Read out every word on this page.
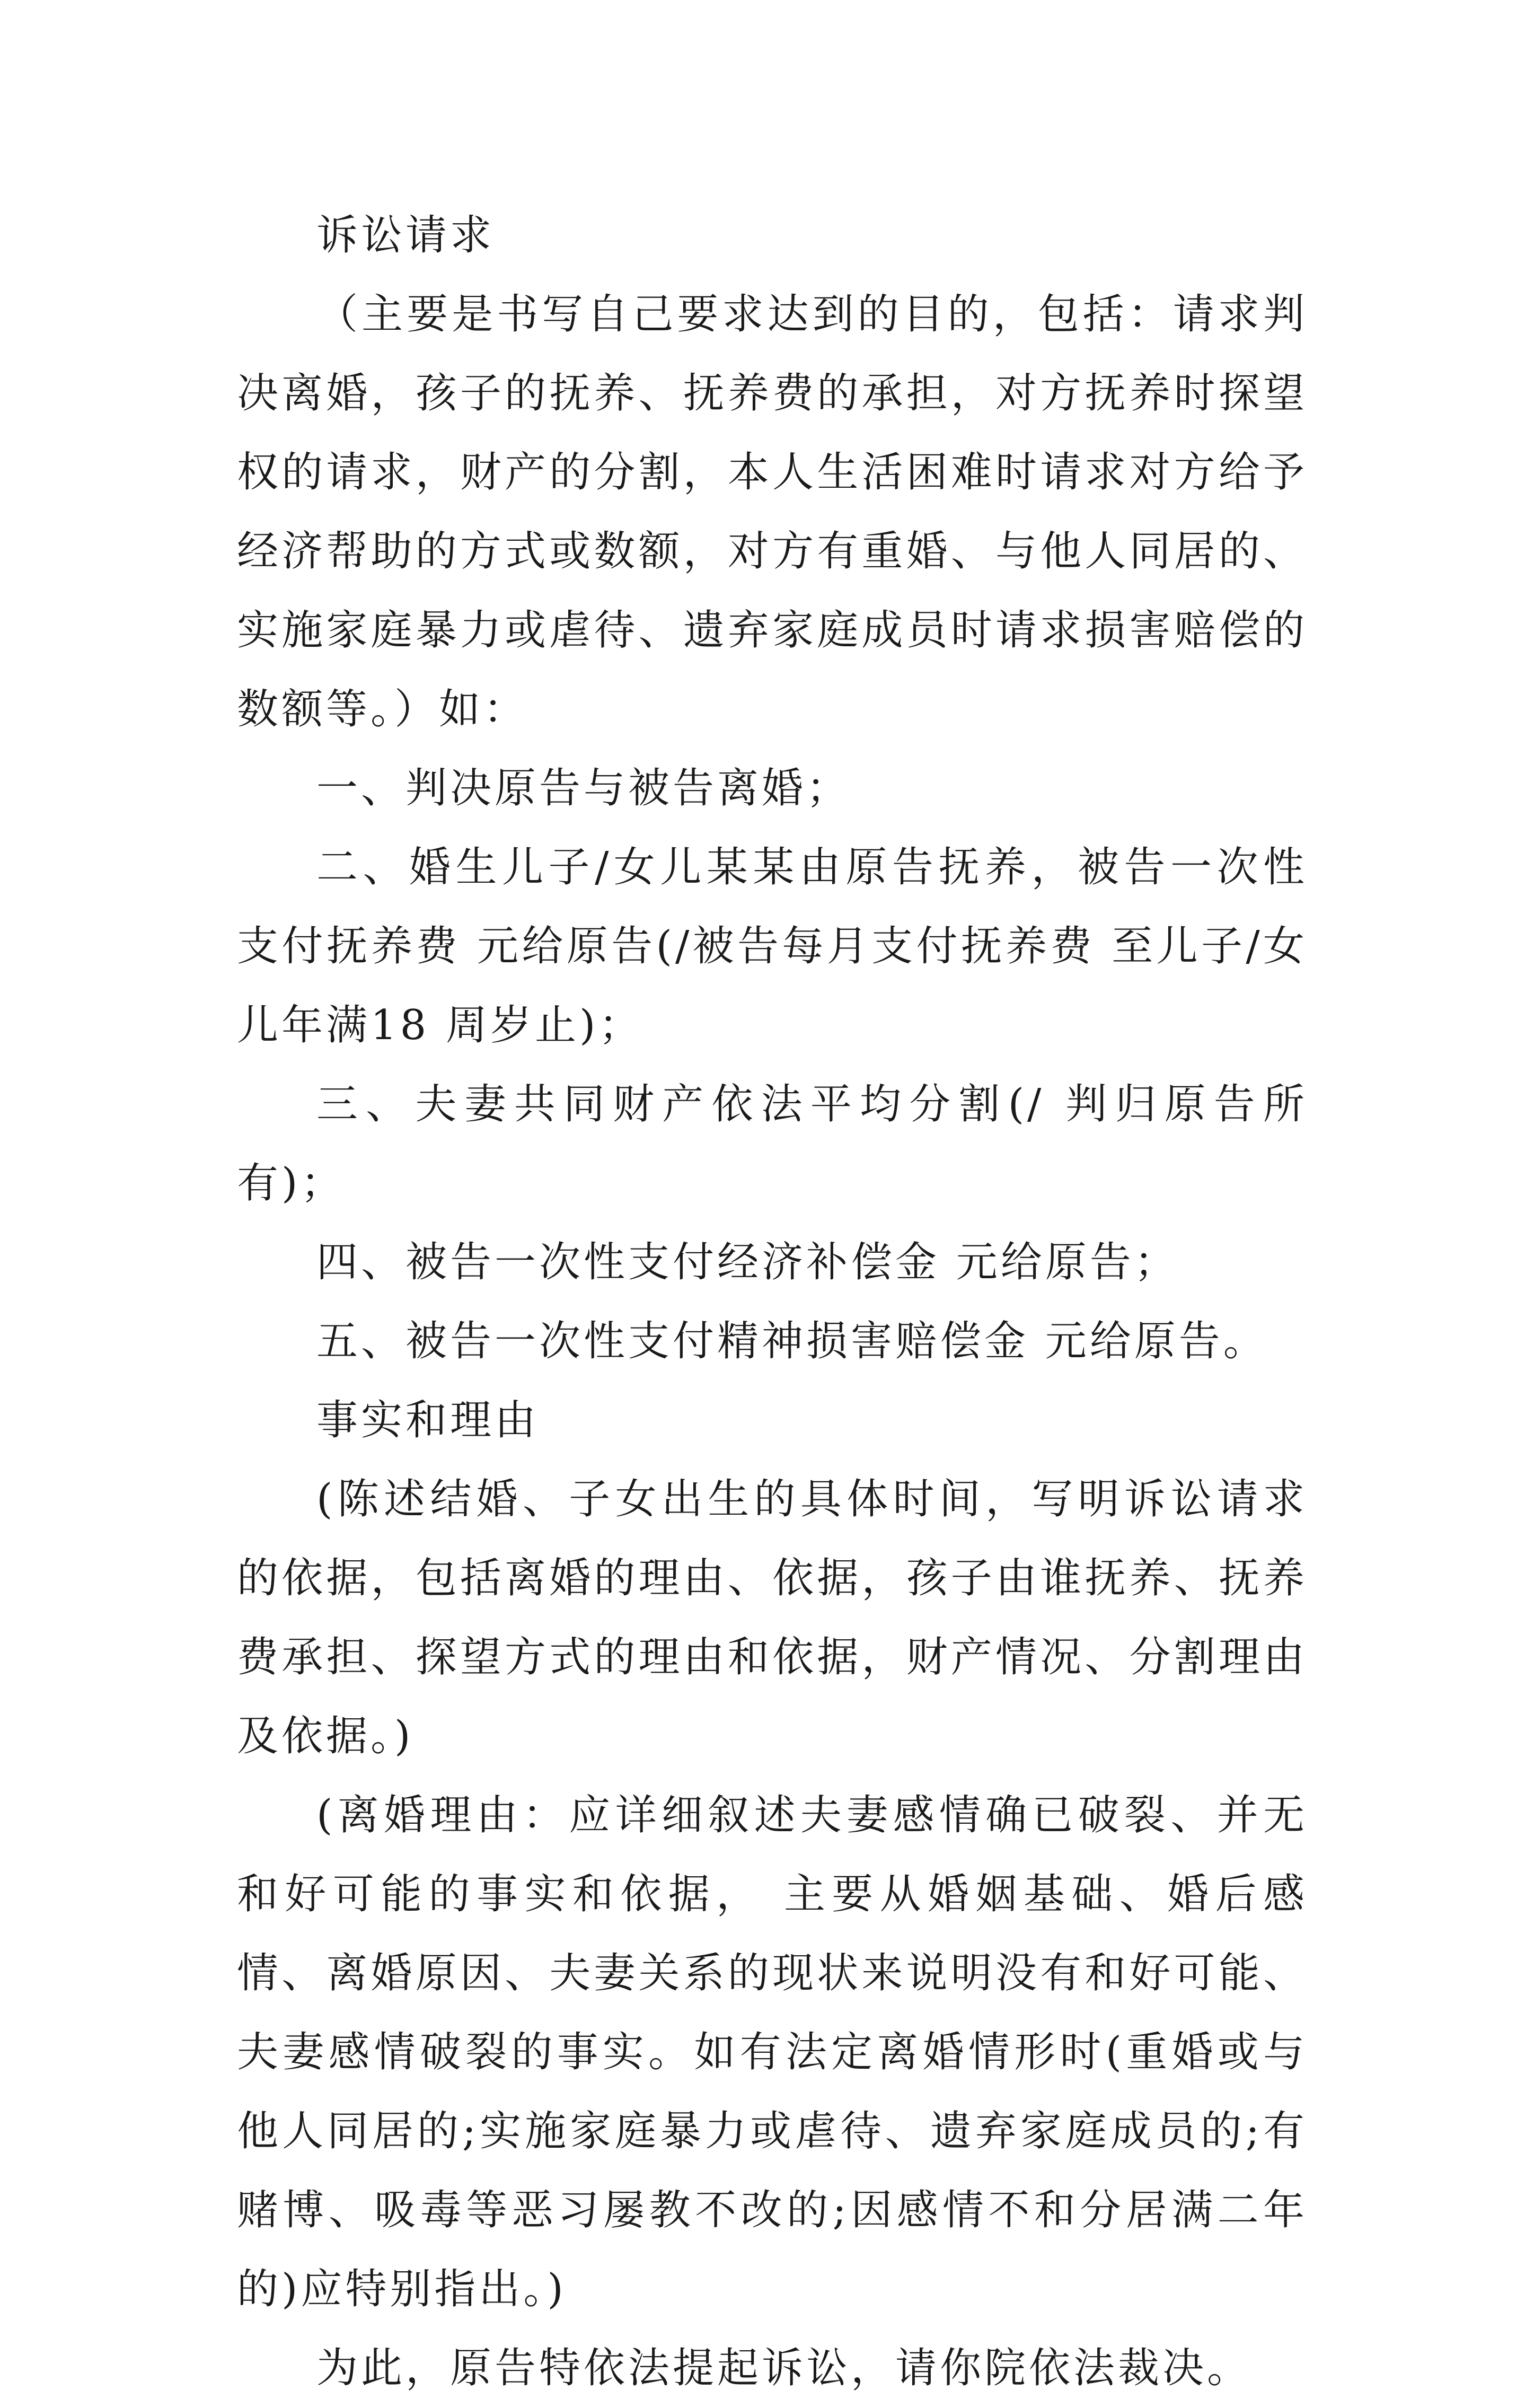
诉讼请求

（主要是书写自己要求达到的目的，包括：请求判决离婚，孩子的抚养、抚养费的承担，对方抚养时探望权的请求，财产的分割，本人生活困难时请求对方给予经济帮助的方式或数额，对方有重婚、与他人同居的、实施家庭暴力或虐待、遗弃家庭成员时请求损害赔偿的数额等。）如：

一、判决原告与被告离婚；

二、婚生儿子/女儿某某由原告抚养，被告一次性支付抚养费 元给原告(/被告每月支付抚养费 至儿子/女儿年满18 周岁止)；

三、夫妻共同财产依法平均分割(/ 判归原告所有)；

四、被告一次性支付经济补偿金 元给原告；

五、被告一次性支付精神损害赔偿金 元给原告。

事实和理由

(陈述结婚、子女出生的具体时间，写明诉讼请求的依据，包括离婚的理由、依据，孩子由谁抚养、抚养费承担、探望方式的理由和依据，财产情况、分割理由及依据。)

(离婚理由：应详细叙述夫妻感情确已破裂、并无和好可能的事实和依据， 主要从婚姻基础、婚后感情、离婚原因、夫妻关系的现状来说明没有和好可能、夫妻感情破裂的事实。如有法定离婚情形时(重婚或与他人同居的;实施家庭暴力或虐待、遗弃家庭成员的;有赌博、吸毒等恶习屡教不改的;因感情不和分居满二年的)应特别指出。)

为此，原告特依法提起诉讼，请你院依法裁决。
